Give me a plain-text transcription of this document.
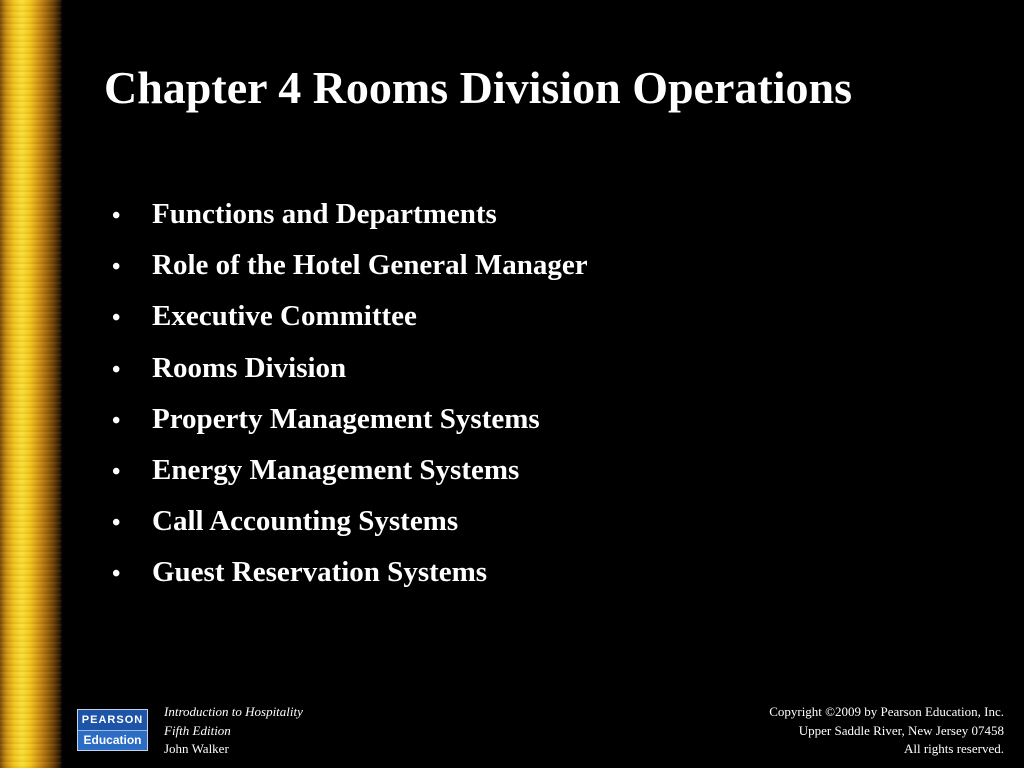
Chapter 4 Rooms Division Operations
•	Functions and Departments
•	Role of the Hotel General Manager
•	Executive Committee
•	Rooms Division
•	Property Management Systems
•	Energy Management Systems
•	Call Accounting Systems
•	Guest Reservation Systems
PEARSON
Education
Introduction to Hospitality
Fifth Edition
John Walker
Copyright ©2009 by Pearson Education, Inc.
Upper Saddle River, New Jersey 07458
All rights reserved.
